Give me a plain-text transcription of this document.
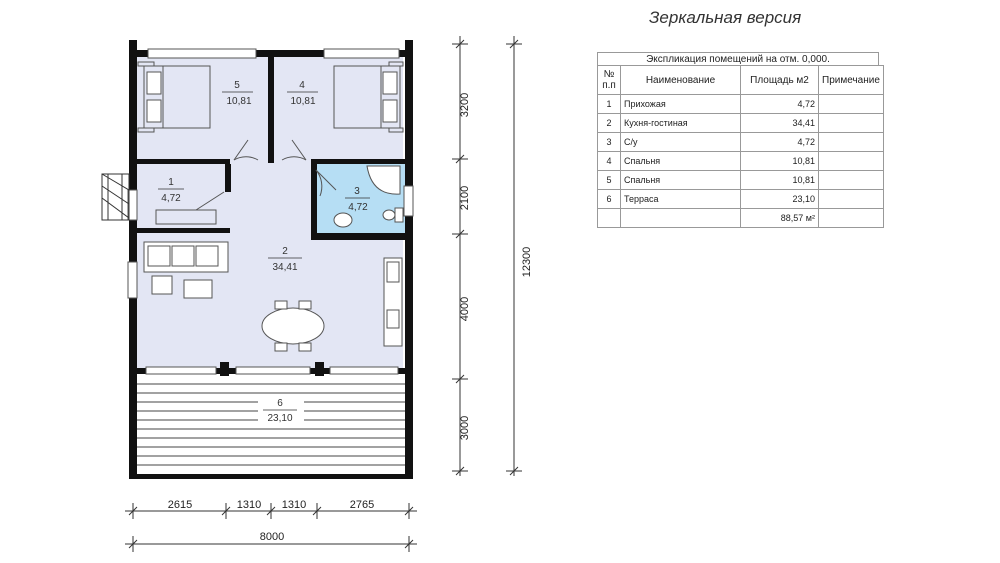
Зеркальная версия
5
10,81
4
10,81
1
4,72
3
4,72
2
34,41
6
23,10
2615	1310 1310	2765
8000
3200
2100
4000
3000
12300
Экспликация помещений на отм. 0,000.
№ п.п	Наименование	Площадь м2	Примечание
1	Прихожая	4,72	
2	Кухня-гостиная	34,41	
3	С/у	4,72	
4	Спальня	10,81	
5	Спальня	10,81	
6	Терраса	23,10	
		88,57 м²	
